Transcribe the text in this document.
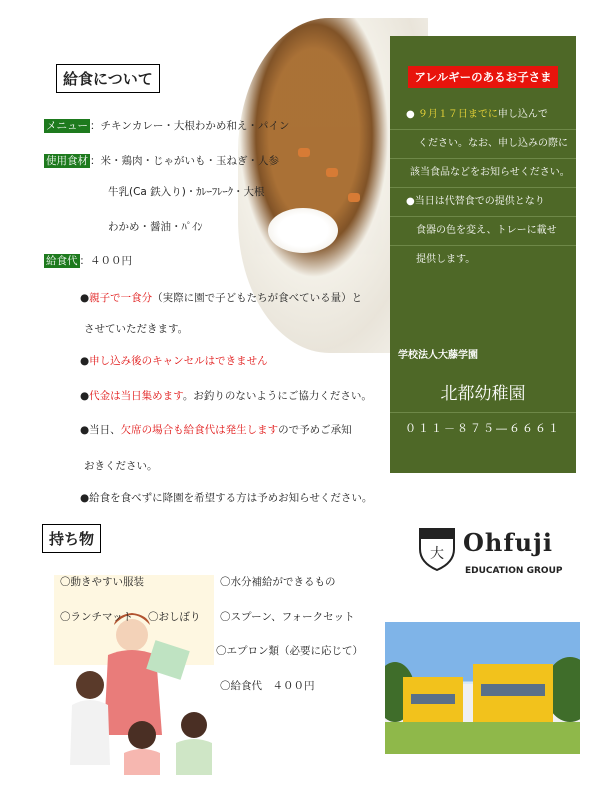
給食について
メニュー ：チキンカレー・大根わかめ和え・パイン
使用食材 ：米・鶏肉・じゃがいも・玉ねぎ・人参
牛乳(Ca 鉄入り)・ｶﾚｰﾌﾚｰｸ・大根
わかめ・醤油・ﾊﾟｲﾝ
給食代 ：４００円
●親子で一食分（実際に園で子どもたちが食べている量）と
させていただきます。
●申し込み後のキャンセルはできません
●代金は当日集めます。お釣りのないようにご協力ください。
●当日、欠席の場合も給食代は発生しますので予めご承知
おきください。
●給食を食べずに降園を希望する方は予めお知らせください。
アレルギーのあるお子さま
● ９月１７日までに申し込んで
ください。なお、申し込みの際に
該当食品などをお知らせください。
●当日は代替食での提供となり
食器の色を変え、トレーに載せ
提供します。
学校法人大藤学園
北都幼稚園
０１１－８７５―６６６１
大 Ohfuji
EDUCATION GROUP
持ち物
〇動きやすい服装	〇水分補給ができるもの
〇ランチマット 〇おしぼり 〇スプーン、フォークセット
〇エプロン類（必要に応じて）
〇給食代　４００円
